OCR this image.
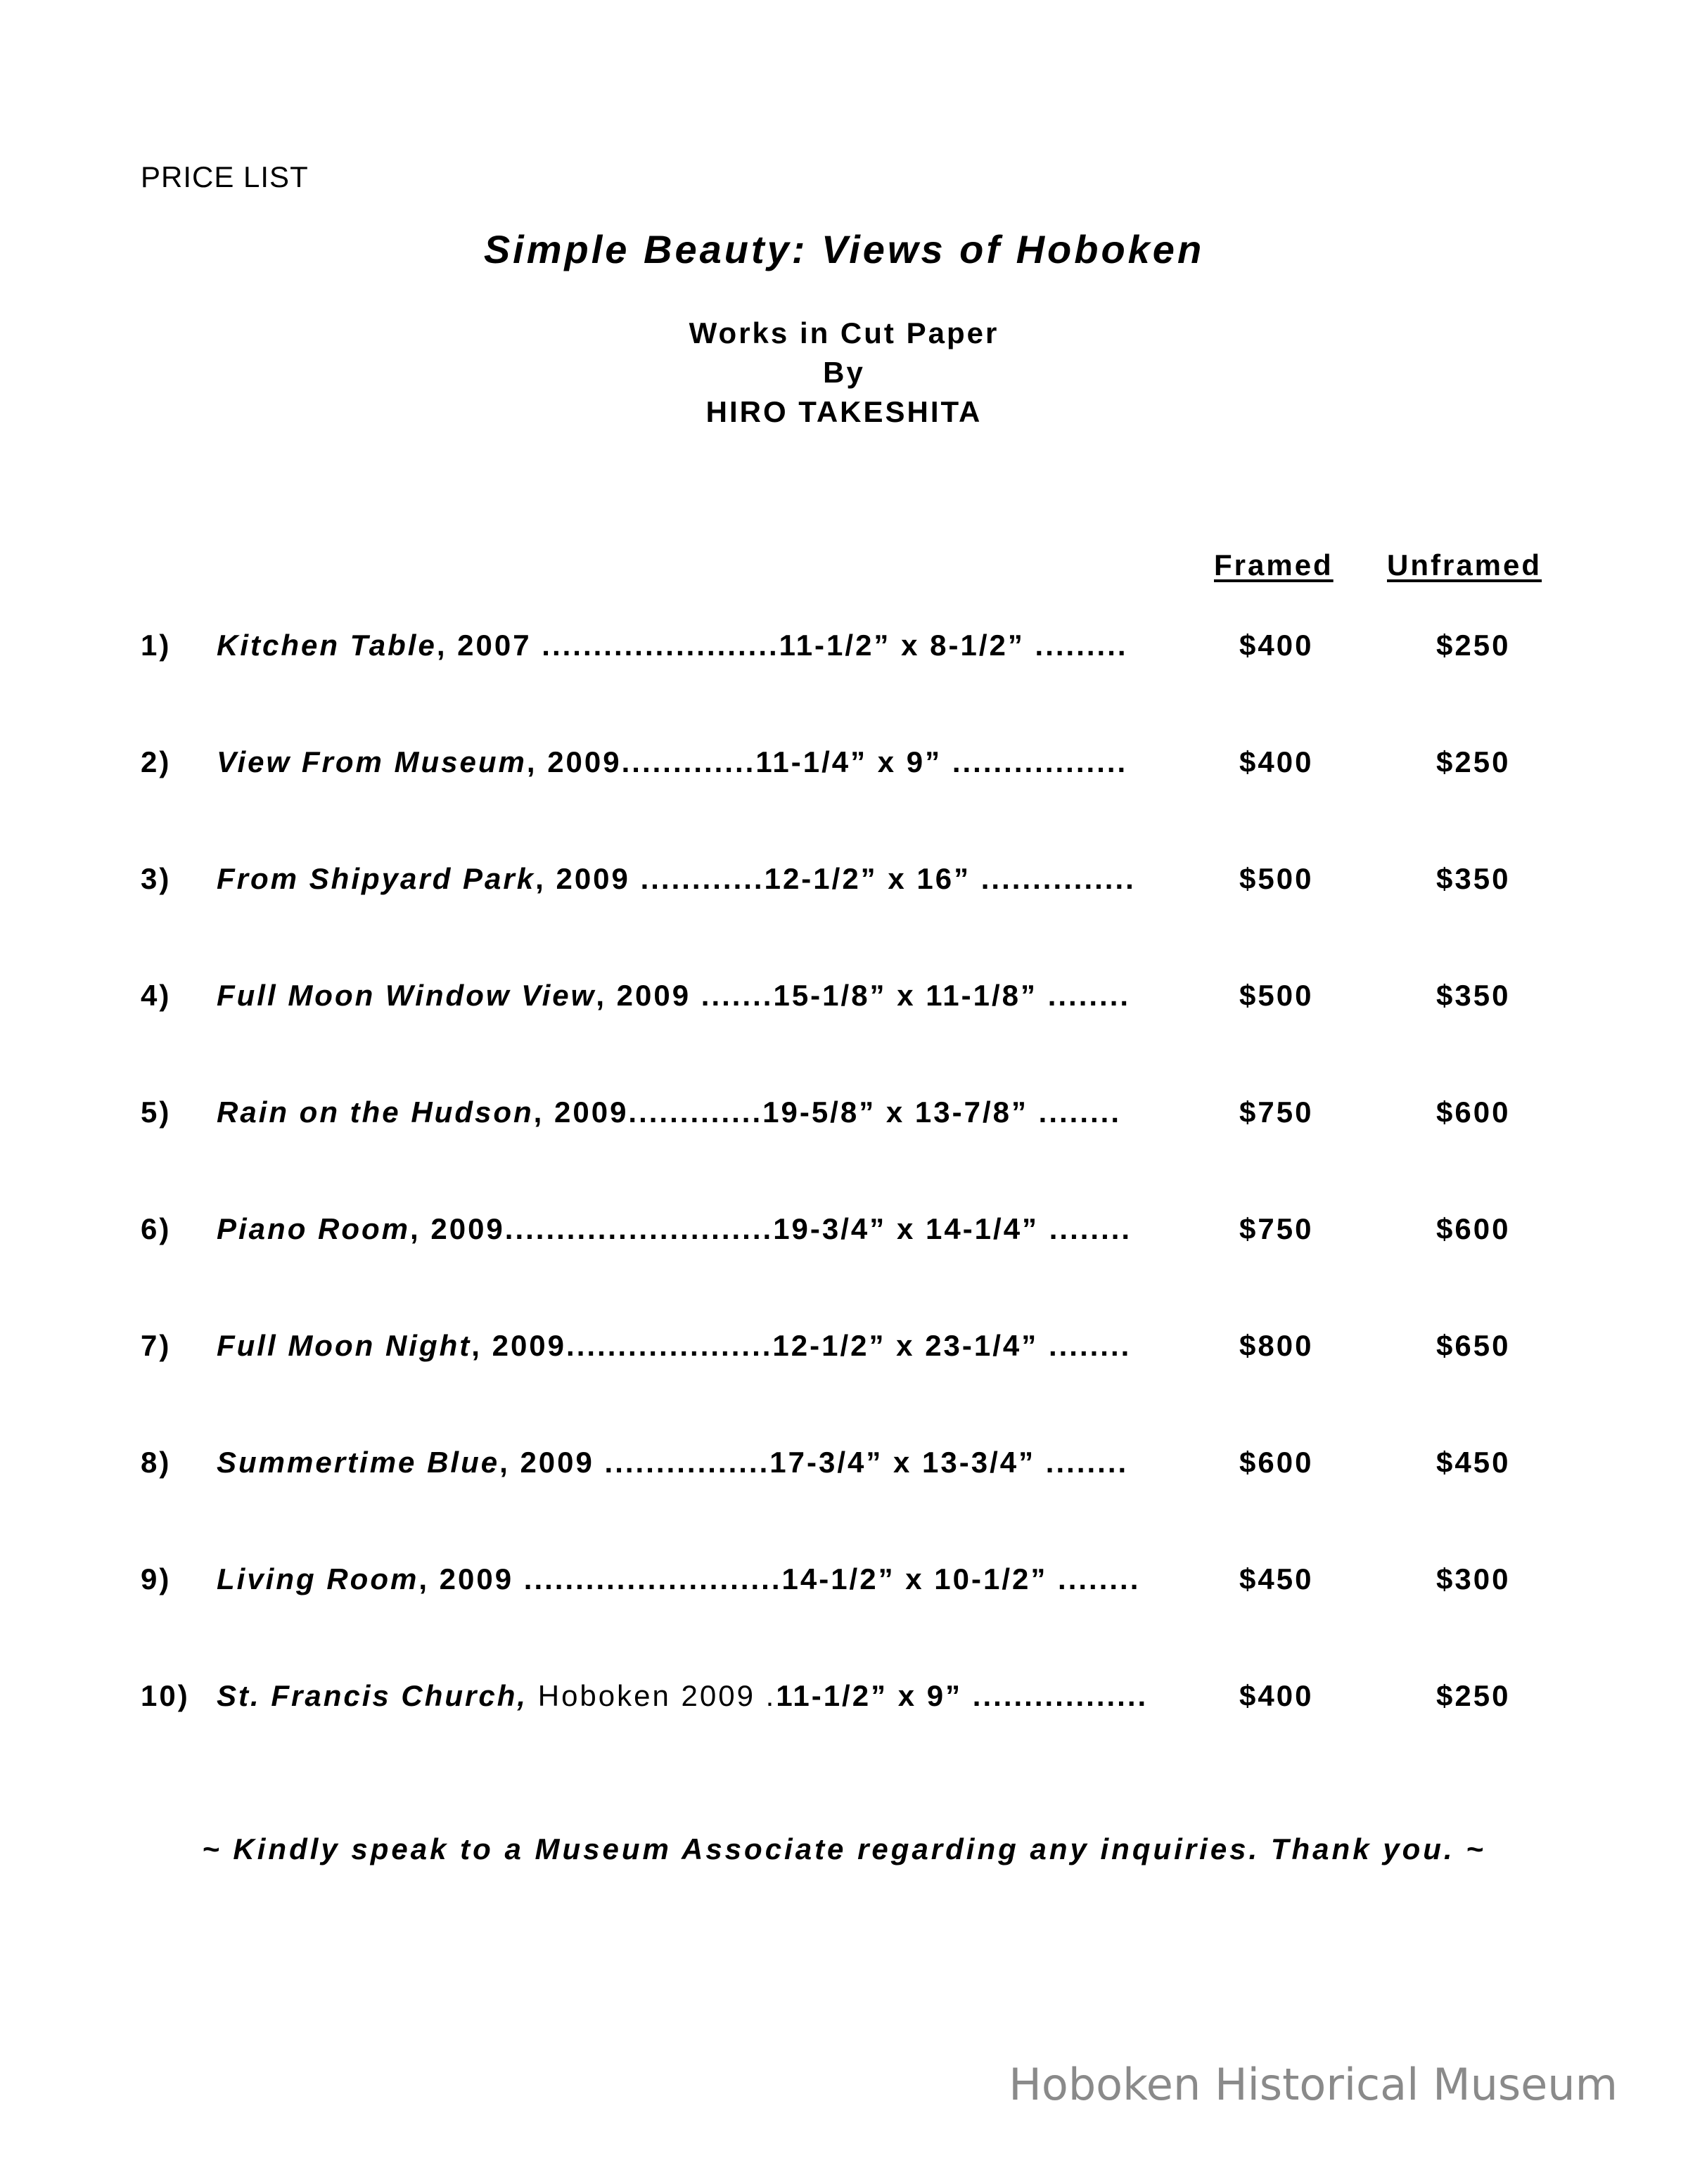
PRICE LIST
Simple Beauty: Views of Hoboken
Works in Cut Paper
By
HIRO TAKESHITA
Framed Unframed
1) Kitchen Table, 2007 .......................11-1/2” x 8-1/2” .........	$400	$250
2) View From Museum, 2009.............11-1/4” x 9” .................	$400	$250
3) From Shipyard Park, 2009 ............12-1/2” x 16” ...............	$500	$350
4) Full Moon Window View, 2009 .......15-1/8” x 11-1/8” ........	$500	$350
5) Rain on the Hudson, 2009.............19-5/8” x 13-7/8” ........	$750	$600
6) Piano Room, 2009..........................19-3/4” x 14-1/4” ........	$750	$600
7) Full Moon Night, 2009....................12-1/2” x 23-1/4” ........	$800	$650
8) Summertime Blue, 2009 ................17-3/4” x 13-3/4” ........	$600	$450
9) Living Room, 2009 .........................14-1/2” x 10-1/2” ........	$450	$300
10) St. Francis Church, Hoboken 2009 .11-1/2” x 9” .................	$400	$250
~ Kindly speak to a Museum Associate regarding any inquiries. Thank you. ~
Hoboken Historical Museum
